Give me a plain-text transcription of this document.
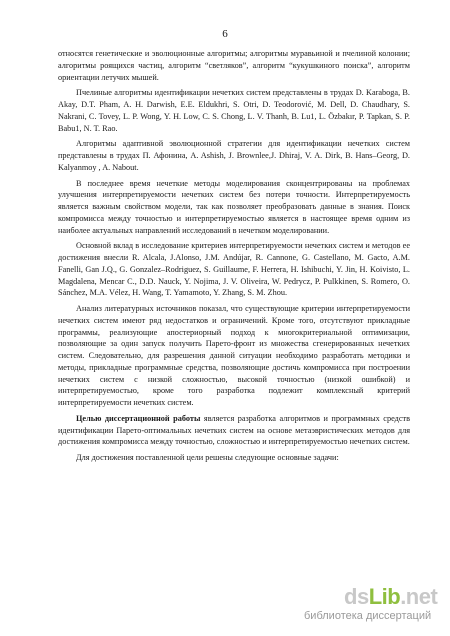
6

относятся генетические и эволюционные алгоритмы; алгоритмы муравьиной и пчелиной колонии; алгоритмы роящихся частиц, алгоритм “светляков”, алгоритм “кукушкиного поиска”, алгоритм ориентации летучих мышей.

Пчелиные алгоритмы идентификации нечетких систем представлены в трудах D. Karaboga, B. Akay, D.T. Pham, A. H. Darwish, E.E. Eldukhri, S. Otri, D. Teodorović, M. Dell, D. Chaudhary, S. Nakrani, C. Tovey, L. P. Wong, Y. H. Low, C. S. Chong, L. V. Thanh, B. Lu1, L. Özbakır, P. Tapkan, S. P. Babu1, N. T. Rao.

Алгоритмы адаптивной эволюционной стратегии для идентификации нечетких систем представлены в трудах П. Афонина, A. Ashish, J. Brownlee,J. Dhiraj, V. A. Dirk, B. Hans–Georg, D. Kalyanmoy , A. Nabout.

В последнее время нечеткие методы моделирования сконцентрированы на проблемах улучшения интерпретируемости нечетких систем без потери точности. Интерпретируемость является важным свойством модели, так как позволяет преобразовать данные в знания. Поиск компромисса между точностью и интерпретируемостью является в настоящее время одним из наиболее актуальных направлений исследований в нечетком моделировании.

Основной вклад в исследование критериев интерпретируемости нечетких систем и методов ее достижения внесли R. Alcala, J.Alonso, J.M. Andújar, R. Cannone, G. Castellano, M. Gacto, A.M. Fanelli, Gan J.Q., G. Gonzalez–Rodriguez, S. Guillaume, F. Herrera, H. Ishibuchi, Y. Jin, H. Koivisto, L. Magdalena, Mencar C., D.D. Nauck, Y. Nojima, J. V. Oliveira, W. Pedrycz, P. Pulkkinen, S. Romero, O. Sánchez, M.A. Vélez, H. Wang, T. Yamamoto, Y. Zhang, S. M. Zhou.

Анализ литературных источников показал, что существующие критерии интерпретируемости нечетких систем имеют ряд недостатков и ограничений. Кроме того, отсутствуют прикладные программы, реализующие апостериорный подход к многокритериальной оптимизации, позволяющие за один запуск получить Парето-фронт из множества сгенерированных нечетких систем. Следовательно, для разрешения данной ситуации необходимо разработать методики и методы, прикладные программные средства, позволяющие достичь компромисса при построении нечетких систем с низкой сложностью, высокой точностью (низкой ошибкой) и интерпретируемостью, кроме того разработка подлежит комплексный критерий интерпретируемости нечетких систем.

Целью диссертационной работы является разработка алгоритмов и программных средств идентификации Парето-оптимальных нечетких систем на основе метаэвристических методов для достижения компромисса между точностью, сложностью и интерпретируемостью нечетких систем.

Для достижения поставленной цели решены следующие основные задачи:

dsLib.net
библиотека диссертаций
